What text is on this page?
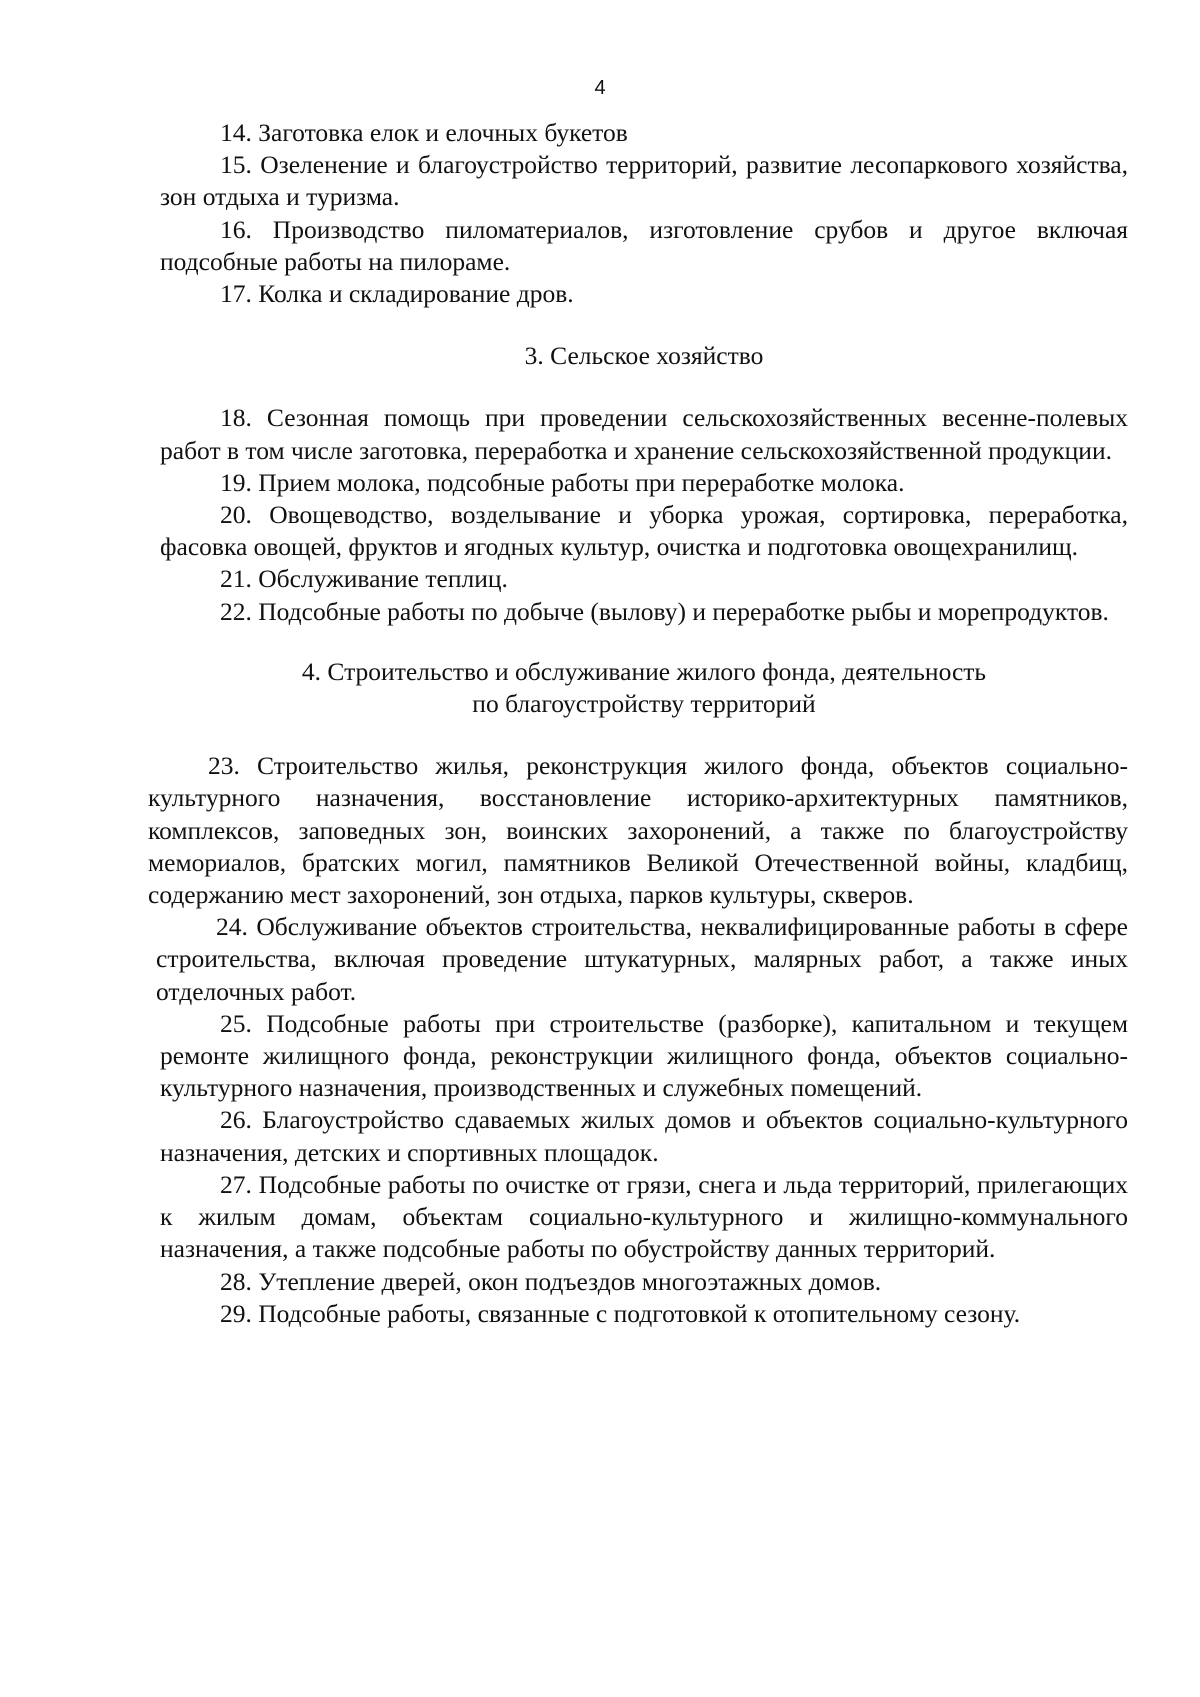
4

14. Заготовка елок и елочных букетов

15. Озеленение и благоустройство территорий, развитие лесопаркового хозяйства, зон отдыха и туризма.

16. Производство пиломатериалов, изготовление срубов и другое включая подсобные работы на пилораме.

17. Колка и складирование дров.

3. Сельское хозяйство

18. Сезонная помощь при проведении сельскохозяйственных весенне-полевых работ в том числе заготовка, переработка и хранение сельскохозяйственной продукции.

19. Прием молока, подсобные работы при переработке молока.

20. Овощеводство, возделывание и уборка урожая, сортировка, переработка, фасовка овощей, фруктов и ягодных культур, очистка и подготовка овощехранилищ.

21. Обслуживание теплиц.

22. Подсобные работы по добыче (вылову) и переработке рыбы и морепродуктов.

4. Строительство и обслуживание жилого фонда, деятельность
по благоустройству территорий

23. Строительство жилья, реконструкция жилого фонда, объектов социально-культурного назначения, восстановление историко-архитектурных памятников, комплексов, заповедных зон, воинских захоронений, а также по благоустройству мемориалов, братских могил, памятников Великой Отечественной войны, кладбищ, содержанию мест захоронений, зон отдыха, парков культуры, скверов.

24. Обслуживание объектов строительства, неквалифицированные работы в сфере строительства, включая проведение штукатурных, малярных работ, а также иных отделочных работ.

25. Подсобные работы при строительстве (разборке), капитальном и текущем ремонте жилищного фонда, реконструкции жилищного фонда, объектов социально-культурного назначения, производственных и служебных помещений.

26. Благоустройство сдаваемых жилых домов и объектов социально-культурного назначения, детских и спортивных площадок.

27. Подсобные работы по очистке от грязи, снега и льда территорий, прилегающих к жилым домам, объектам социально-культурного и жилищно-коммунального назначения, а также подсобные работы по обустройству данных территорий.

28. Утепление дверей, окон подъездов многоэтажных домов.

29. Подсобные работы, связанные с подготовкой к отопительному сезону.
